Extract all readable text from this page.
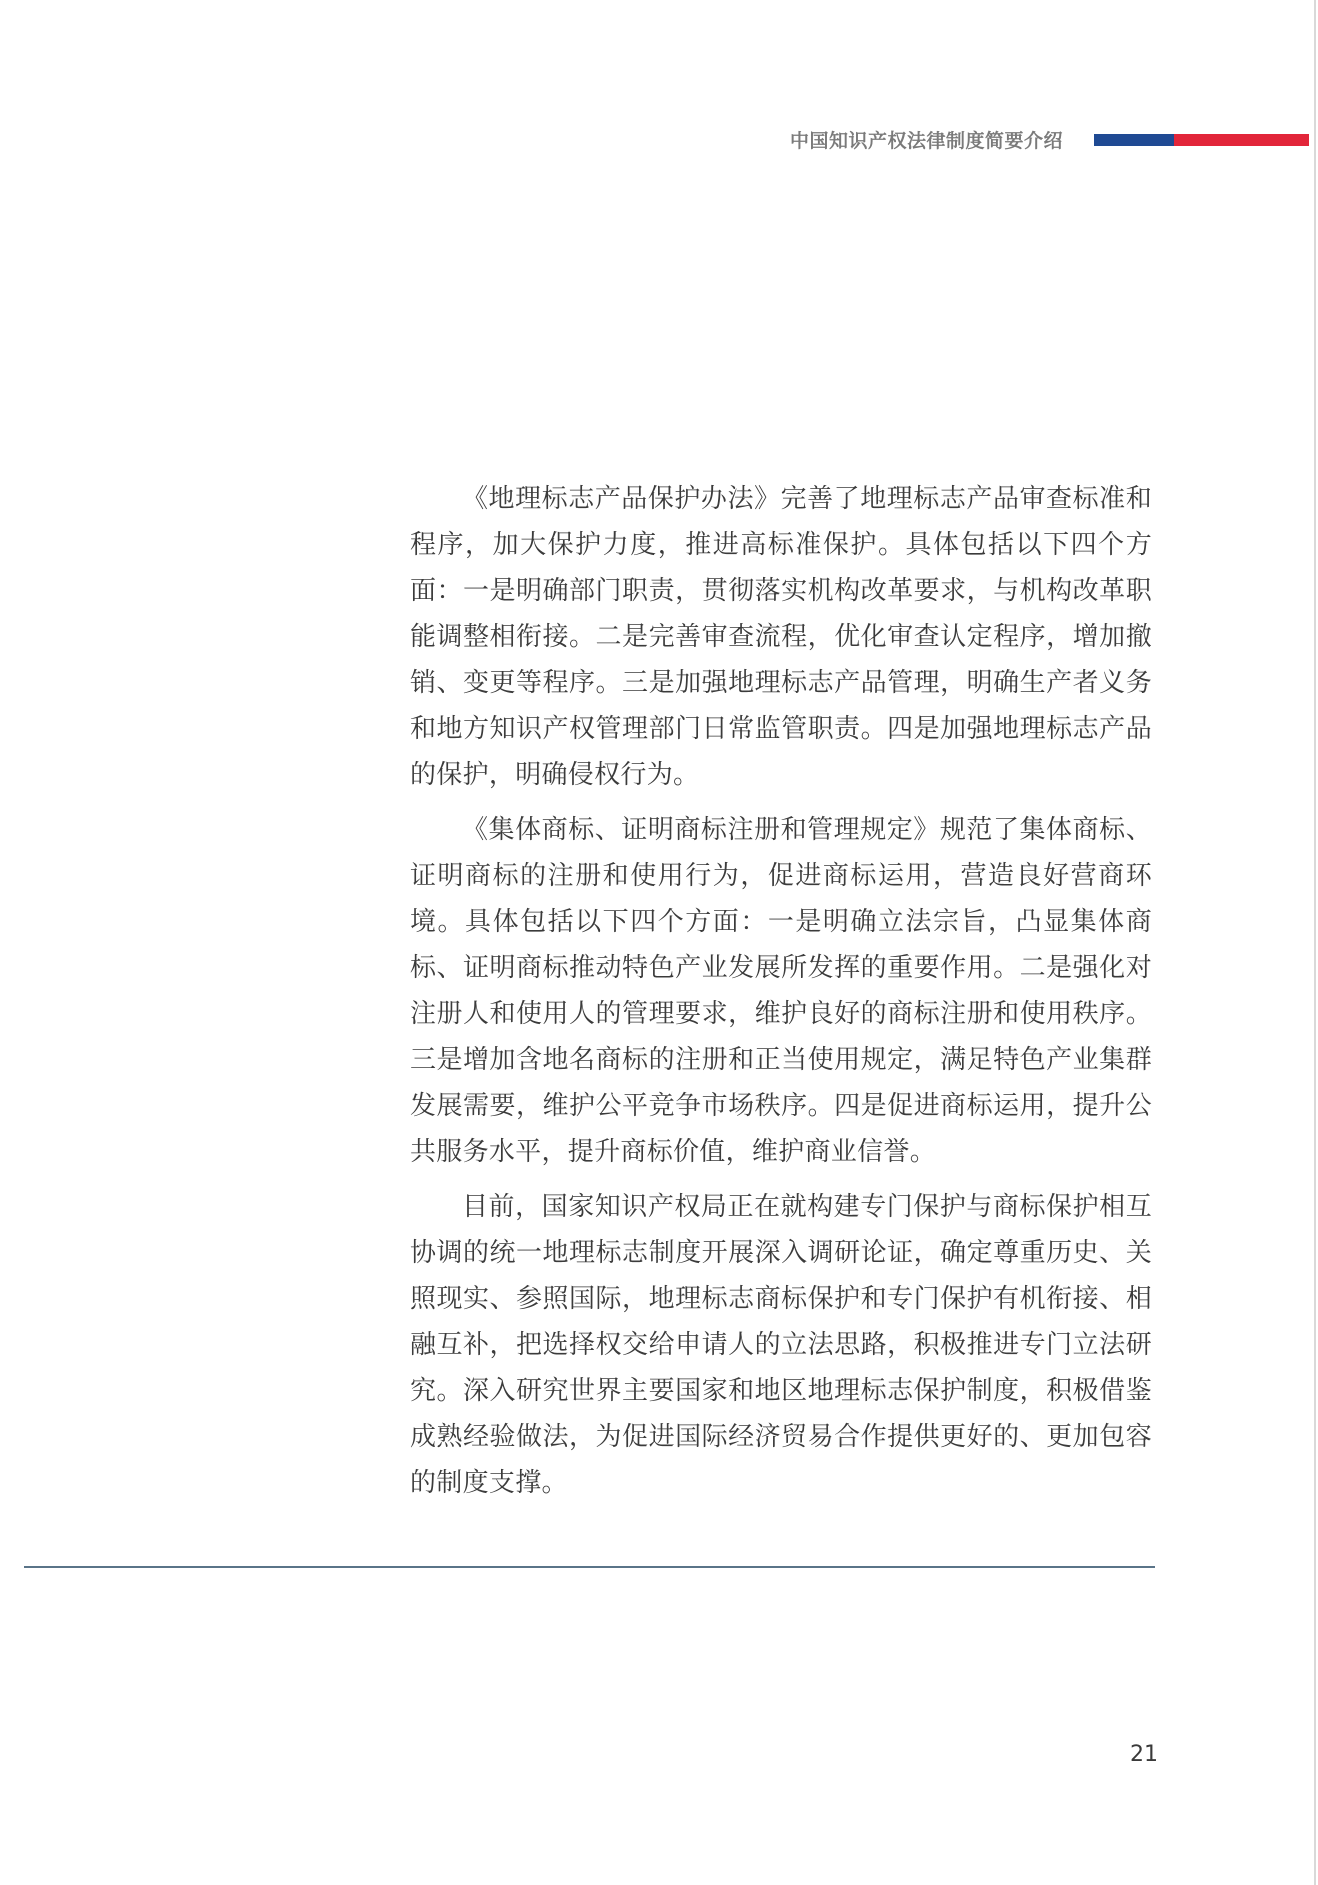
中国知识产权法律制度简要介绍

《地理标志产品保护办法》完善了地理标志产品审查标准和程序，加大保护力度，推进高标准保护。具体包括以下四个方面：一是明确部门职责，贯彻落实机构改革要求，与机构改革职能调整相衔接。二是完善审查流程，优化审查认定程序，增加撤销、变更等程序。三是加强地理标志产品管理，明确生产者义务和地方知识产权管理部门日常监管职责。四是加强地理标志产品的保护，明确侵权行为。

《集体商标、证明商标注册和管理规定》规范了集体商标、证明商标的注册和使用行为，促进商标运用，营造良好营商环境。具体包括以下四个方面：一是明确立法宗旨，凸显集体商标、证明商标推动特色产业发展所发挥的重要作用。二是强化对注册人和使用人的管理要求，维护良好的商标注册和使用秩序。三是增加含地名商标的注册和正当使用规定，满足特色产业集群发展需要，维护公平竞争市场秩序。四是促进商标运用，提升公共服务水平，提升商标价值，维护商业信誉。

目前，国家知识产权局正在就构建专门保护与商标保护相互协调的统一地理标志制度开展深入调研论证，确定尊重历史、关照现实、参照国际，地理标志商标保护和专门保护有机衔接、相融互补，把选择权交给申请人的立法思路，积极推进专门立法研究。深入研究世界主要国家和地区地理标志保护制度，积极借鉴成熟经验做法，为促进国际经济贸易合作提供更好的、更加包容的制度支撑。

21
